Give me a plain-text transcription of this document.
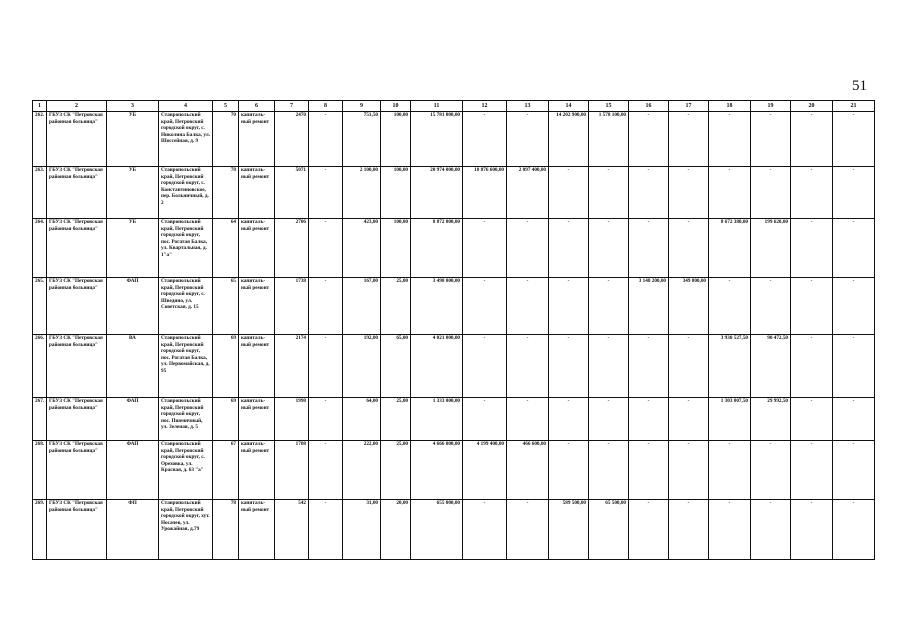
51
1	2	3	4	5	6	7	8	9	10	11	12	13	14	15	16	17	18	19	20	21
262.	ГБУЗ СК "Петровская районная больница"	УБ	Ставропольский край, Петровский городской округ, с. Николина Балка, ул. Шоссейная, д. 9	70	капиталь-ный ремонт	2470	-	751,50	100,00	15 781 000,00	-	-	14 202 900,00	1 578 100,00	-	-	-	-	-	-
263.	ГБУЗ СК "Петровская районная больница"	УБ	Ставропольский край, Петровский городской округ, с. Константиновское, пер. Больничный, д. 2	78	капиталь-ный ремонт	5071	-	2 100,00	100,00	20 974 000,00	18 876 600,00	2 097 400,00	-	-	-	-	-	-	-	-
264.	ГБУЗ СК "Петровская районная больница"	УБ	Ставропольский край, Петровский городской округ, пос. Рогатая Балка, ул. Квартальная, д. 1"а"	64	капиталь-ный ремонт	2706	-	423,00	100,00	8 872 000,00	-	-	-	-	-	-	8 672 380,00	199 620,00	-	-
265.	ГБУЗ СК "Петровская районная больница"	ФАП	Ставропольский край, Петровский городской округ, с. Шведино, ул. Советская, д. 15	65	капиталь-ный ремонт	1738	-	167,00	25,00	3 498 000,00	-	-	-	-	3 148 200,00	349 800,00	-	-	-	-
266.	ГБУЗ СК "Петровская районная больница"	ВА	Ставропольский край, Петровский городской округ, пос. Рогатая Балка, ул. Первомайская, д. 95	69	капиталь-ный ремонт	2174	-	192,00	65,00	4 021 000,00	-	-	-	-	-	-	3 930 527,50	90 472,50	-	-
267.	ГБУЗ СК "Петровская районная больница"	ФАП	Ставропольский край, Петровский городской округ, пос. Пшеничный, ул. Зеленая, д. 5	69	капиталь-ный ремонт	1998	-	64,00	25,00	1 333 000,00	-	-	-	-	-	-	1 303 007,50	29 992,50	-	-
268.	ГБУЗ СК "Петровская районная больница"	ФАП	Ставропольский край, Петровский городской округ, с. Ореховка, ул. Красная, д. 63 "а"	67	капиталь-ный ремонт	1708	-	222,00	25,00	4 666 000,00	4 199 400,00	466 600,00	-	-	-	-	-	-	-	-
269.	ГБУЗ СК "Петровская районная больница"	ФП	Ставропольский край, Петровский городской округ, хут. Носачев, ул. Урожайная, д.79	78	капиталь-ный ремонт	542	-	31,00	20,00	655 000,00	-	-	589 500,00	65 500,00	-	-	-	-	-	-
